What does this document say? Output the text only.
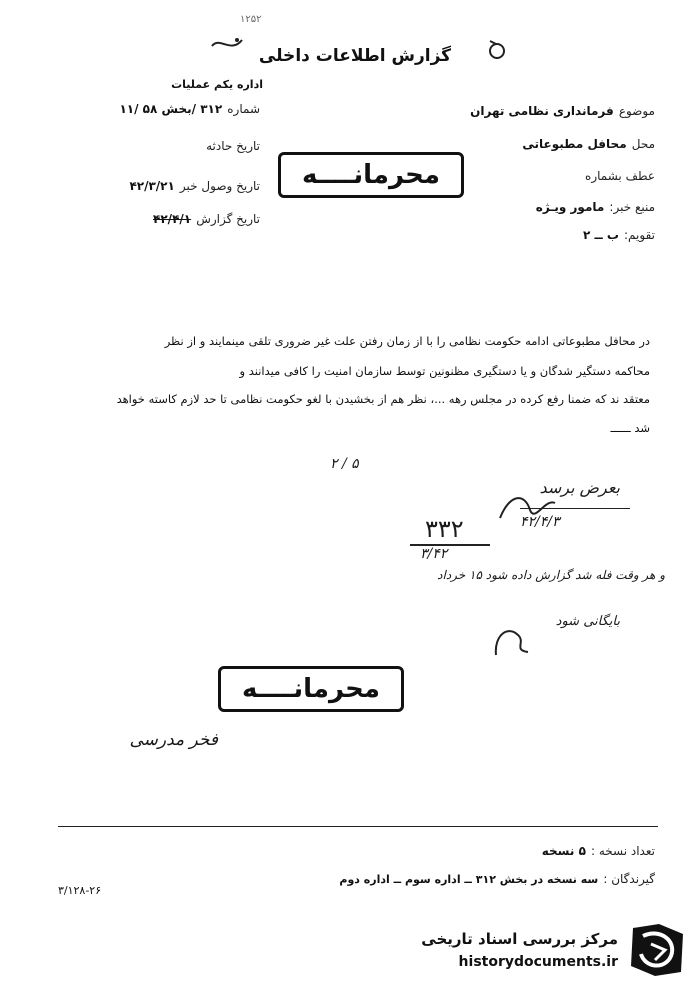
۱۲۵۲
گزارش اطلاعات داخلی
اداره یکم عملیات
شماره ۳۱۲ /بخش ۵۸ /۱۱
تاریخ حادثه
تاریخ وصول خبر ۴۲/۳/۲۱
تاریخ گزارش ۴۲/۴/۱
موضوع فرمانداری نظامی تهران
محل محافل مطبوعاتی
عطف بشماره
منبع خبر: مامور ویـژه
تقویم: ب ــ ۲
محرمانــــه
در محافل مطبوعاتی ادامه حکومت نظامی را با از زمان رفتن علت غیر ضروری تلقی مینمایند و از نظر
محاکمه دستگیر شدگان و یا دستگیری مظنونین توسط سازمان امنیت را کافی میدانند و
معتقد ند که ضمنا رفع کرده در مجلس رهه ...، نظر هم از بخشیدن با لغو حکومت نظامی تا حد لازم کاسته خواهد
شد ــــــ
۲ / ۵
بعرض برسد
۴۲/۴/۳
۳۳۲
۳/۴۲
و هر وقت فله شد گزارش داده شود ۱۵ خرداد
بایگانی شود
محرمانــــه
فخر مدرسی
تعداد نسخه : ۵ نسخه
گیرندگان : سه نسخه در بخش ۳۱۲ ــ اداره سوم ــ اداره دوم
۳/۱۲۸-۲۶
مرکز بررسی اسناد تاریخی
historydocuments.ir
